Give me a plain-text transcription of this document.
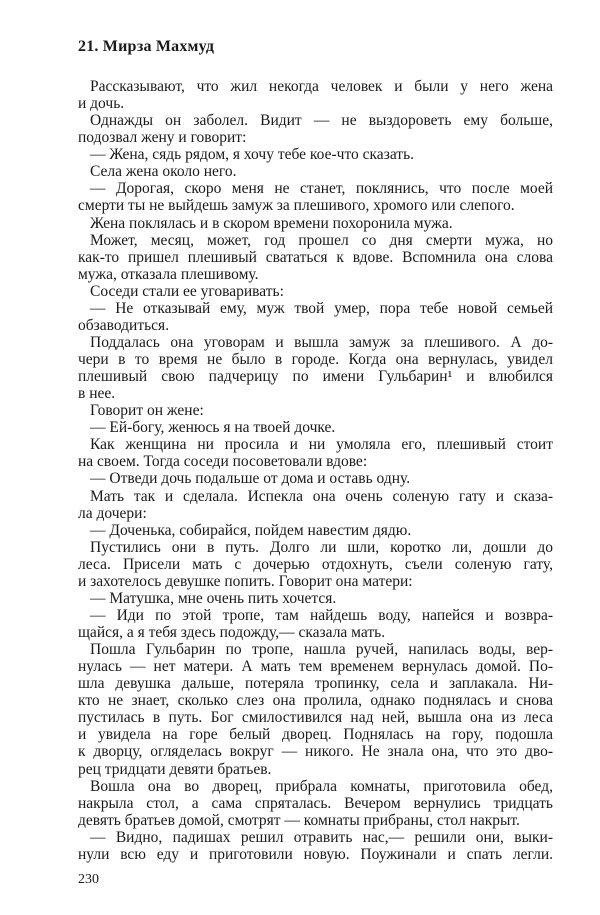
21. Мирза Махмуд
Рассказывают, что жил некогда человек и были у него жена
и дочь.
Однажды он заболел. Видит — не выздороветь ему больше,
подозвал жену и говорит:
— Жена, сядь рядом, я хочу тебе кое-что сказать.
Села жена около него.
— Дорогая, скоро меня не станет, поклянись, что после моей
смерти ты не выйдешь замуж за плешивого, хромого или слепого.
Жена поклялась и в скором времени похоронила мужа.
Может, месяц, может, год прошел со дня смерти мужа, но
как-то пришел плешивый свататься к вдове. Вспомнила она слова
мужа, отказала плешивому.
Соседи стали ее уговаривать:
— Не отказывай ему, муж твой умер, пора тебе новой семьей
обзаводиться.
Поддалась она уговорам и вышла замуж за плешивого. А до-
чери в то время не было в городе. Когда она вернулась, увидел
плешивый свою падчерицу по имени Гульбарин¹ и влюбился
в нее.
Говорит он жене:
— Ей-богу, женюсь я на твоей дочке.
Как женщина ни просила и ни умоляла его, плешивый стоит
на своем. Тогда соседи посоветовали вдове:
— Отведи дочь подальше от дома и оставь одну.
Мать так и сделала. Испекла она очень соленую гату и сказа-
ла дочери:
— Доченька, собирайся, пойдем навестим дядю.
Пустились они в путь. Долго ли шли, коротко ли, дошли до
леса. Присели мать с дочерью отдохнуть, съели соленую гату,
и захотелось девушке попить. Говорит она матери:
— Матушка, мне очень пить хочется.
— Иди по этой тропе, там найдешь воду, напейся и возвра-
щайся, а я тебя здесь подожду,— сказала мать.
Пошла Гульбарин по тропе, нашла ручей, напилась воды, вер-
нулась — нет матери. А мать тем временем вернулась домой. По-
шла девушка дальше, потеряла тропинку, села и заплакала. Ни-
кто не знает, сколько слез она пролила, однако поднялась и снова
пустилась в путь. Бог смилостивился над ней, вышла она из леса
и увидела на горе белый дворец. Поднялась на гору, подошла
к дворцу, огляделась вокруг — никого. Не знала она, что это дво-
рец тридцати девяти братьев.
Вошла она во дворец, прибрала комнаты, приготовила обед,
накрыла стол, а сама спряталась. Вечером вернулись тридцать
девять братьев домой, смотрят — комнаты прибраны, стол накрыт.
— Видно, падишах решил отравить нас,— решили они, выки-
нули всю еду и приготовили новую. Поужинали и спать легли.
230
